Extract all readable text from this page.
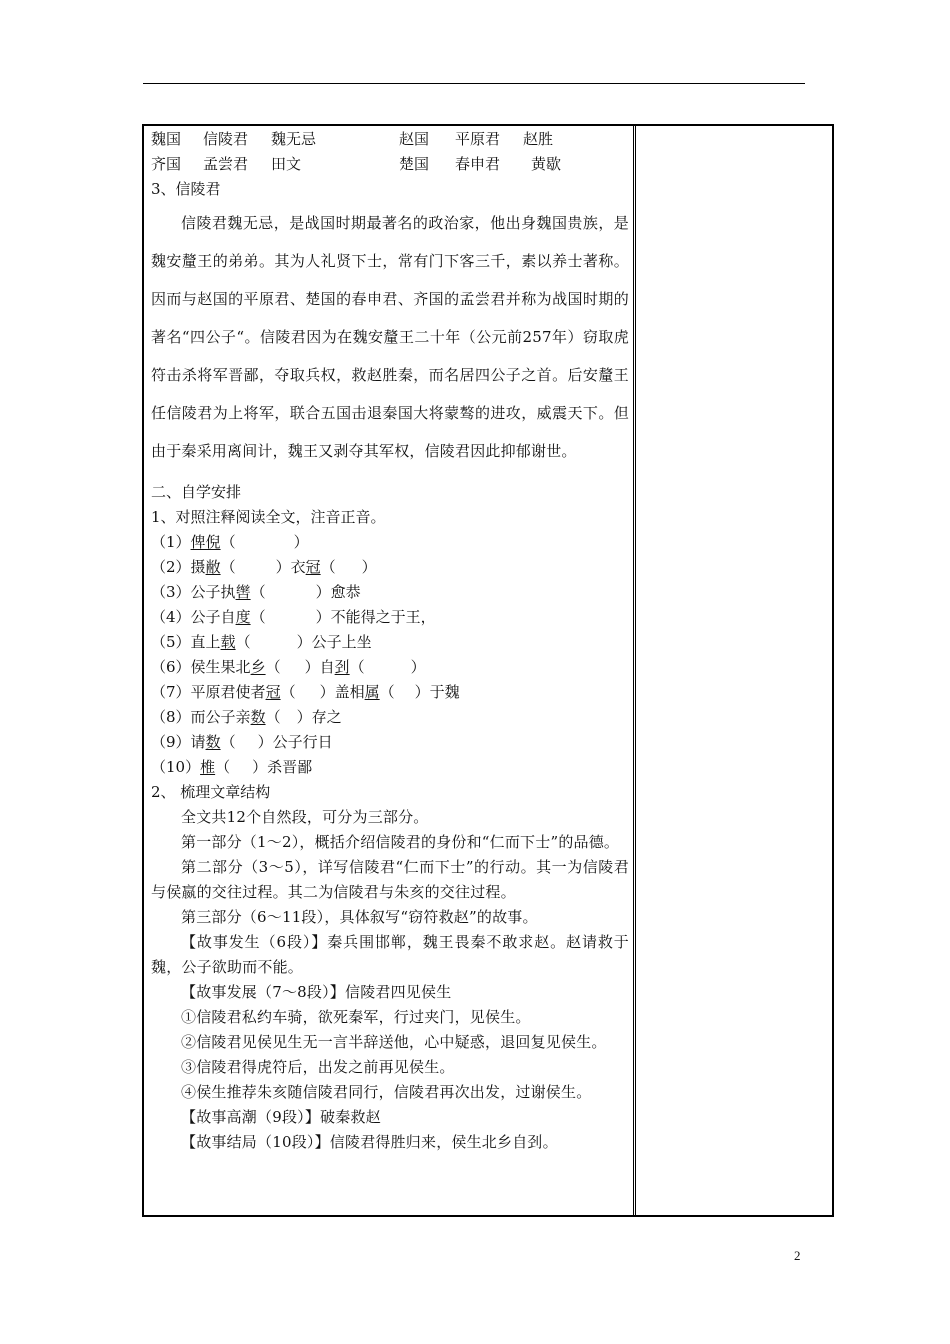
魏国 信陵君 魏无忌	赵国 平原君 赵胜
齐国 孟尝君 田文	楚国 春申君 黄歇
3、信陵君
信陵君魏无忌，是战国时期最著名的政治家，他出身魏国贵族，是魏安釐王的弟弟。其为人礼贤下士，常有门下客三千，素以养士著称。因而与赵国的平原君、楚国的春申君、齐国的孟尝君并称为战国时期的著名“四公子“。信陵君因为在魏安釐王二十年（公元前257年）窃取虎符击杀将军晋鄙，夺取兵权，救赵胜秦，而名居四公子之首。后安釐王任信陵君为上将军，联合五国击退秦国大将蒙骜的进攻，威震天下。但由于秦采用离间计，魏王又剥夺其军权，信陵君因此抑郁谢世。
二、自学安排
1、对照注释阅读全文，注音正音。
（1）俾倪（	）
（2）摄敝（	）衣冠（ ）
（3）公子执辔（	）愈恭
（4）公子自度（	）不能得之于王，
（5）直上载（	）公子上坐
（6）侯生果北乡（ ）自刭（	）
（7）平原君使者冠（ ）盖相属（ ）于魏
（8）而公子亲数（ ）存之
（9）请数（ ）公子行日
（10）椎（ ）杀晋鄙
2、 梳理文章结构
全文共12个自然段，可分为三部分。
第一部分（1～2），概括介绍信陵君的身份和“仁而下士”的品德。
第二部分（3～5），详写信陵君“仁而下士”的行动。其一为信陵君与侯嬴的交往过程。其二为信陵君与朱亥的交往过程。
第三部分（6～11段），具体叙写“窃符救赵”的故事。
【故事发生（6段）】秦兵围邯郸，魏王畏秦不敢求赵。赵请救于魏，公子欲助而不能。
【故事发展（7～8段）】信陵君四见侯生
①信陵君私约车骑，欲死秦军，行过夹门，见侯生。
②信陵君见侯见生无一言半辞送他，心中疑惑，退回复见侯生。
③信陵君得虎符后，出发之前再见侯生。
④侯生推荐朱亥随信陵君同行，信陵君再次出发，过谢侯生。
【故事高潮（9段）】破秦救赵
【故事结局（10段）】信陵君得胜归来，侯生北乡自刭。
2
